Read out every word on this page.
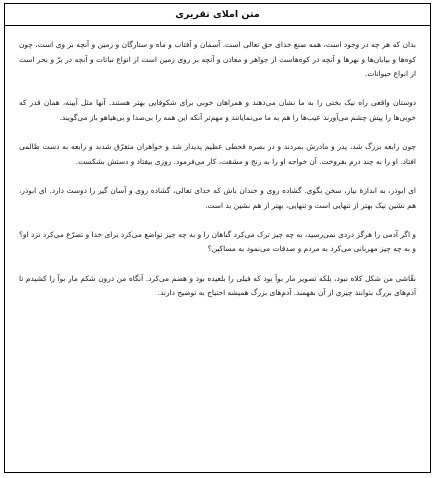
متن املای تقریری

بدان که هر چه در وجود است، همه صنع خدای حق تعالی است. آسمان و آفتاب و ماه و ستارگان و زمین و آنچه بر وی است، چون کوه‌ها و بیابان‌ها و نهرها و آنچه در کوه‌هاست از جواهر و معادن و آنچه بر روی زمین است از انواع نباتات و آنچه در برّ و بحر است از انواع حیوانات.

دوستان واقعی راه نیک بختی را به ما نشان می‌دهند و همراهان خوبی برای شکوفایی بهتر هستند. آنها مثل آیینه، همان قدر که خوبی‌ها را پیش چشم می‌آورند عیب‌ها را هم به ما می‌نمایانند و مهم‌تر آنکه این همه را بی‌صدا و بی‌هیاهو باز می‌گویند.

چون رابعه بزرگ شد، پدر و مادرش بمردند و در بصره قحطی عظیم پدیدار شد و خواهران متفرّق شدند و رابعه به دست ظالمی افتاد. او را به چند درم بفروخت. آن خواجه او را به رنج و مشقت، کار می‌فرمود. روزی بیفتاد و دستش بشکست.

ای ابوذر، به اندازهٔ نیاز، سخن بگوی. گشاده روی و خندان باش که خدای تعالی، گشاده روی و آسان گیر را دوست دارد. ای ابوذر، هم نشین نیک بهتر از تنهایی است و تنهایی، بهتر از هم نشین بد است.

و اگر آدمی را هرگز دردی نمی‌رسید، به چه چیز ترک می‌کرد گناهان را و به چه چیز تواضع می‌کرد برای خدا و تضرّع می‌کرد نزد او؟ و به چه چیز مهربانی می‌کرد به مردم و صدقات می‌نمود به مساکین؟

نقّاشی من شکل کلاه نبود، بلکه تصویر مار بوآ بود که فیلی را بلعیده بود و هضم می‌کرد. آنگاه من درون شکم مار بوآ را کشیدم تا آدم‌های بزرگ بتوانند چیزی از آن بفهمند. آدم‌های بزرگ همیشه احتیاج به توضیح دارند.
